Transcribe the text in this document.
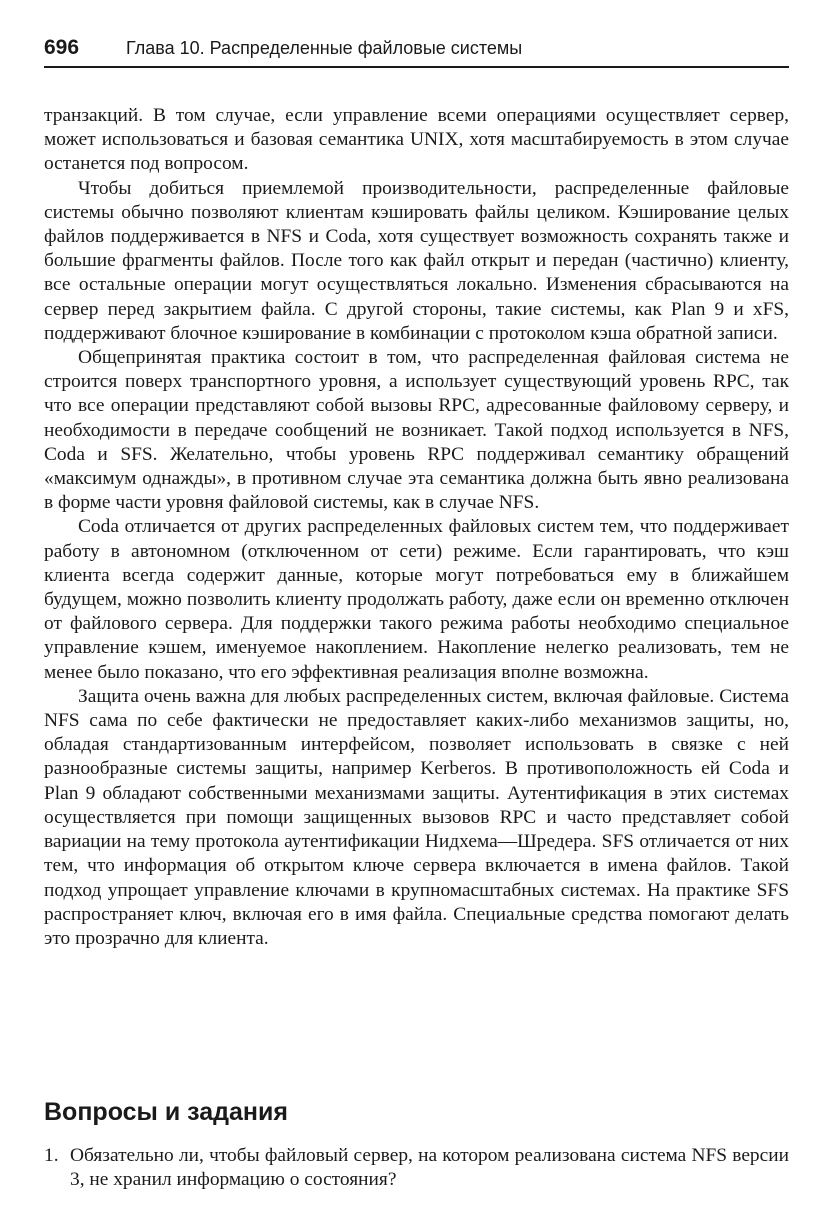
696	Глава 10. Распределенные файловые системы

транзакций. В том случае, если управление всеми операциями осуществляет сервер, может использоваться и базовая семантика UNIX, хотя масштабируемость в этом случае останется под вопросом.

Чтобы добиться приемлемой производительности, распределенные файловые системы обычно позволяют клиентам кэшировать файлы целиком. Кэширование целых файлов поддерживается в NFS и Coda, хотя существует возможность сохранять также и большие фрагменты файлов. После того как файл открыт и передан (частично) клиенту, все остальные операции могут осуществляться локально. Изменения сбрасываются на сервер перед закрытием файла. С другой стороны, такие системы, как Plan 9 и xFS, поддерживают блочное кэширование в комбинации с протоколом кэша обратной записи.

Общепринятая практика состоит в том, что распределенная файловая система не строится поверх транспортного уровня, а использует существующий уровень RPC, так что все операции представляют собой вызовы RPC, адресованные файловому серверу, и необходимости в передаче сообщений не возникает. Такой подход используется в NFS, Coda и SFS. Желательно, чтобы уровень RPC поддерживал семантику обращений «максимум однажды», в противном случае эта семантика должна быть явно реализована в форме части уровня файловой системы, как в случае NFS.

Coda отличается от других распределенных файловых систем тем, что поддерживает работу в автономном (отключенном от сети) режиме. Если гарантировать, что кэш клиента всегда содержит данные, которые могут потребоваться ему в ближайшем будущем, можно позволить клиенту продолжать работу, даже если он временно отключен от файлового сервера. Для поддержки такого режима работы необходимо специальное управление кэшем, именуемое накоплением. Накопление нелегко реализовать, тем не менее было показано, что его эффективная реализация вполне возможна.

Защита очень важна для любых распределенных систем, включая файловые. Система NFS сама по себе фактически не предоставляет каких-либо механизмов защиты, но, обладая стандартизованным интерфейсом, позволяет использовать в связке с ней разнообразные системы защиты, например Kerberos. В противоположность ей Coda и Plan 9 обладают собственными механизмами защиты. Аутентификация в этих системах осуществляется при помощи защищенных вызовов RPC и часто представляет собой вариации на тему протокола аутентификации Нидхема—Шредера. SFS отличается от них тем, что информация об открытом ключе сервера включается в имена файлов. Такой подход упрощает управление ключами в крупномасштабных системах. На практике SFS распространяет ключ, включая его в имя файла. Специальные средства помогают делать это прозрачно для клиента.

Вопросы и задания
1. Обязательно ли, чтобы файловый сервер, на котором реализована система NFS версии 3, не хранил информацию о состояния?
